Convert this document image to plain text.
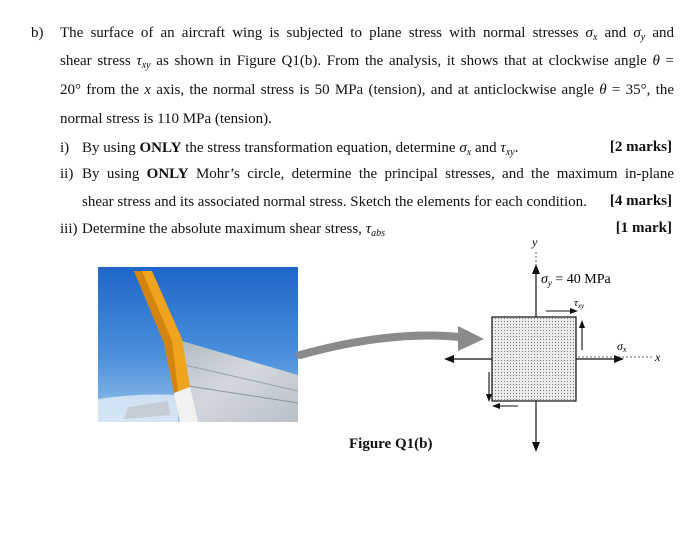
b) The surface of an aircraft wing is subjected to plane stress with normal stresses $\sigma_x$ and $\sigma_y$ and
shear stress $\tau_{xy}$ as shown in Figure Q1(b). From the analysis, it shows that at clockwise angle θ =
20° from the x axis, the normal stress is 50 MPa (tension), and at anticlockwise angle θ = 35°, the
normal stress is 110 MPa (tension).
i) By using ONLY the stress transformation equation, determine $\sigma_x$ and $\tau_{xy}$.	[2 marks]
ii) By using ONLY Mohr’s circle, determine the principal stresses, and the maximum in-plane
shear stress and its associated normal stress. Sketch the elements for each condition. [4 marks]
iii) Determine the absolute maximum shear stress, $\tau_{abs}$	[1 mark]
y
x
$\sigma_y = 40$ MPa
τxy
σx
Figure Q1(b)
